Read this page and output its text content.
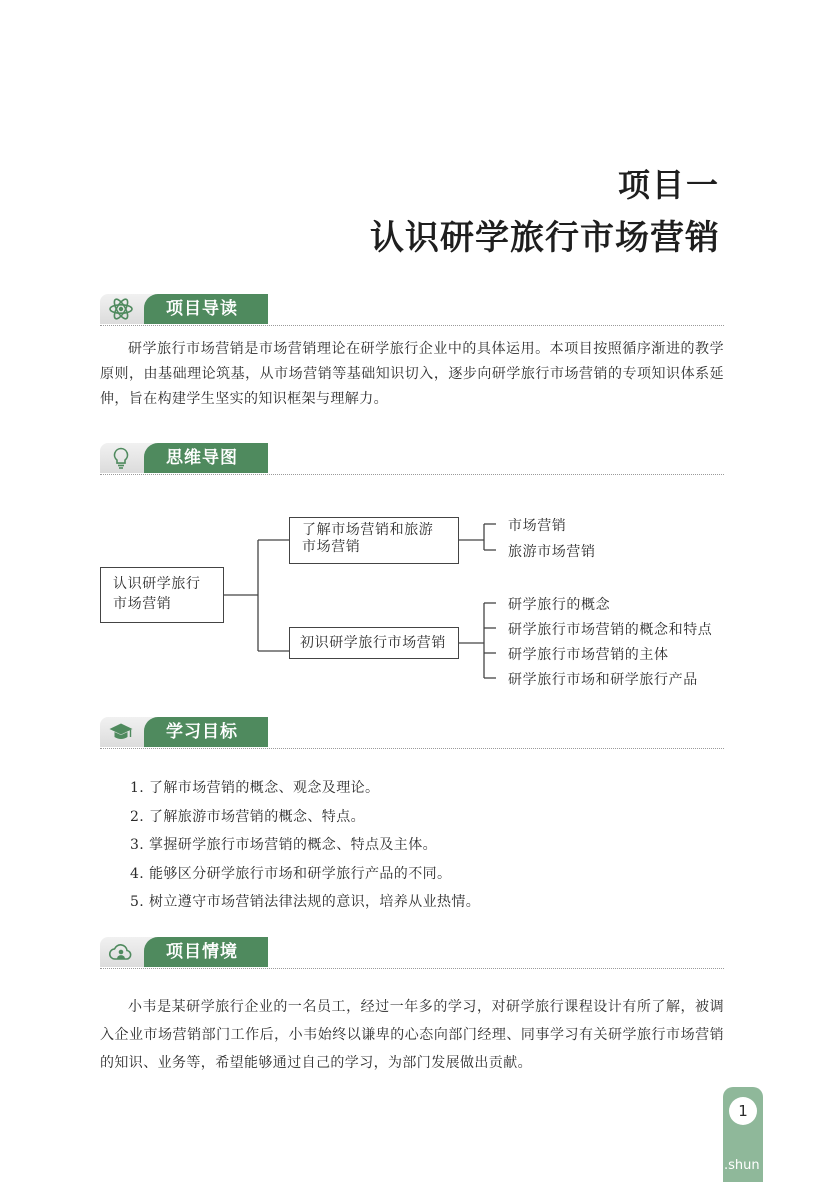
项目一
认识研学旅行市场营销
项目导读

研学旅行市场营销是市场营销理论在研学旅行企业中的具体运用。本项目按照循序渐进的教学原则，由基础理论筑基，从市场营销等基础知识切入，逐步向研学旅行市场营销的专项知识体系延伸，旨在构建学生坚实的知识框架与理解力。

思维导图
认识研学旅行市场营销
了解市场营销和旅游市场营销
初识研学旅行市场营销
市场营销
旅游市场营销
研学旅行的概念
研学旅行市场营销的概念和特点
研学旅行市场营销的主体
研学旅行市场和研学旅行产品
学习目标
1. 了解市场营销的概念、观念及理论。
2. 了解旅游市场营销的概念、特点。
3. 掌握研学旅行市场营销的概念、特点及主体。
4. 能够区分研学旅行市场和研学旅行产品的不同。
5. 树立遵守市场营销法律法规的意识，培养从业热情。
项目情境

小韦是某研学旅行企业的一名员工，经过一年多的学习，对研学旅行课程设计有所了解，被调入企业市场营销部门工作后，小韦始终以谦卑的心态向部门经理、同事学习有关研学旅行市场营销的知识、业务等，希望能够通过自己的学习，为部门发展做出贡献。

1
.shun
